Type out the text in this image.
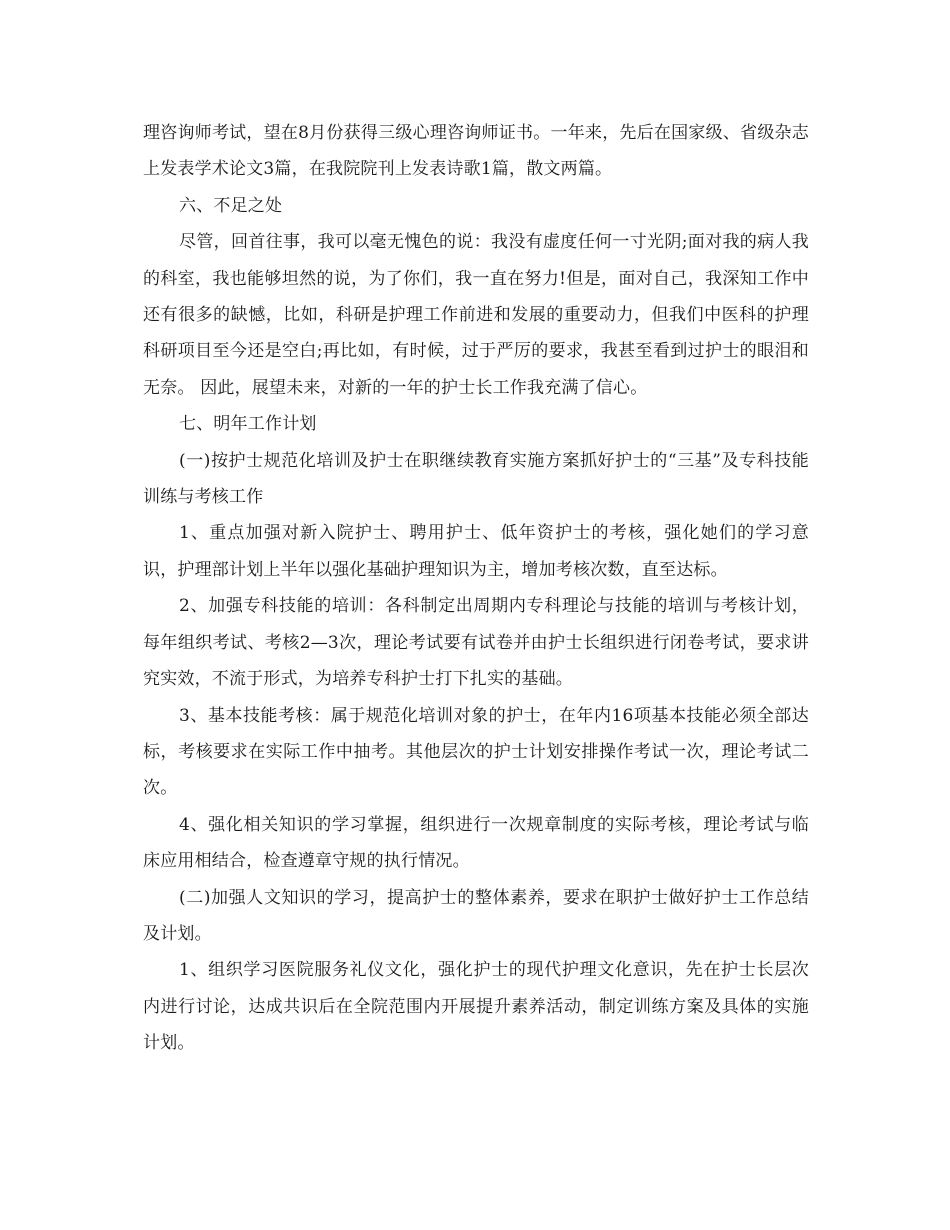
理咨询师考试，望在8月份获得三级心理咨询师证书。一年来，先后在国家级、省级杂志上发表学术论文3篇，在我院院刊上发表诗歌1篇，散文两篇。

六、不足之处

尽管，回首往事，我可以毫无愧色的说：我没有虚度任何一寸光阴;面对我的病人我的科室，我也能够坦然的说，为了你们，我一直在努力!但是，面对自己，我深知工作中还有很多的缺憾，比如，科研是护理工作前进和发展的重要动力，但我们中医科的护理科研项目至今还是空白;再比如，有时候，过于严厉的要求，我甚至看到过护士的眼泪和无奈。 因此，展望未来，对新的一年的护士长工作我充满了信心。

七、明年工作计划

(一)按护士规范化培训及护士在职继续教育实施方案抓好护士的“三基”及专科技能训练与考核工作

1、重点加强对新入院护士、聘用护士、低年资护士的考核，强化她们的学习意识，护理部计划上半年以强化基础护理知识为主，增加考核次数，直至达标。

2、加强专科技能的培训：各科制定出周期内专科理论与技能的培训与考核计划，每年组织考试、考核2—3次，理论考试要有试卷并由护士长组织进行闭卷考试，要求讲究实效，不流于形式，为培养专科护士打下扎实的基础。

3、基本技能考核：属于规范化培训对象的护士，在年内16项基本技能必须全部达标，考核要求在实际工作中抽考。其他层次的护士计划安排操作考试一次，理论考试二次。

4、强化相关知识的学习掌握，组织进行一次规章制度的实际考核，理论考试与临床应用相结合，检查遵章守规的执行情况。

(二)加强人文知识的学习，提高护士的整体素养，要求在职护士做好护士工作总结及计划。

1、组织学习医院服务礼仪文化，强化护士的现代护理文化意识，先在护士长层次内进行讨论，达成共识后在全院范围内开展提升素养活动，制定训练方案及具体的实施计划。
